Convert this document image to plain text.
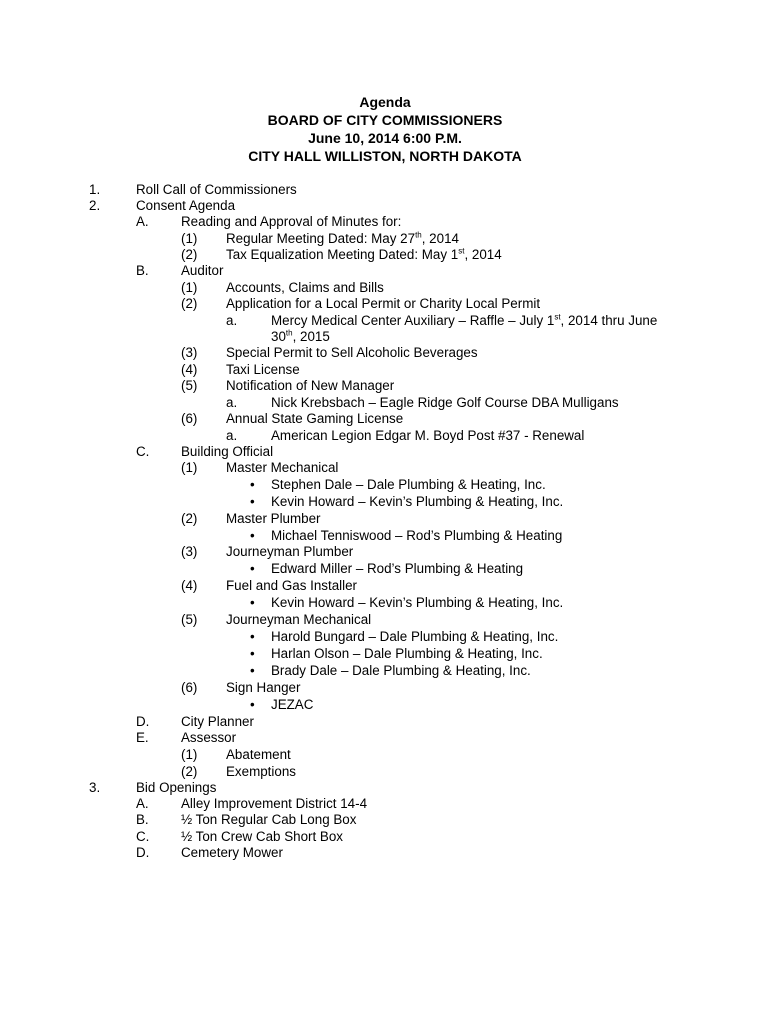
Agenda
BOARD OF CITY COMMISSIONERS
June 10, 2014 6:00 P.M.
CITY HALL WILLISTON, NORTH DAKOTA
1.	Roll Call of Commissioners
2.	Consent Agenda
A. Reading and Approval of Minutes for:
(1) Regular Meeting Dated: May 27th, 2014
(2) Tax Equalization Meeting Dated: May 1st, 2014
B. Auditor
(1) Accounts, Claims and Bills
(2) Application for a Local Permit or Charity Local Permit
a.	Mercy Medical Center Auxiliary – Raffle – July 1st, 2014 thru June
30th, 2015
(3) Special Permit to Sell Alcoholic Beverages
(4) Taxi License
(5) Notification of New Manager
a.	Nick Krebsbach – Eagle Ridge Golf Course DBA Mulligans
(6) Annual State Gaming License
a.	American Legion Edgar M. Boyd Post #37 - Renewal
C. Building Official
(1) Master Mechanical
• Stephen Dale – Dale Plumbing & Heating, Inc.
• Kevin Howard – Kevin’s Plumbing & Heating, Inc.
(2) Master Plumber
• Michael Tenniswood – Rod’s Plumbing & Heating
(3) Journeyman Plumber
• Edward Miller – Rod’s Plumbing & Heating
(4) Fuel and Gas Installer
• Kevin Howard – Kevin’s Plumbing & Heating, Inc.
(5) Journeyman Mechanical
• Harold Bungard – Dale Plumbing & Heating, Inc.
• Harlan Olson – Dale Plumbing & Heating, Inc.
• Brady Dale – Dale Plumbing & Heating, Inc.
(6) Sign Hanger
• JEZAC
D. City Planner
E. Assessor
(1) Abatement
(2) Exemptions
3.	Bid Openings
A. Alley Improvement District 14-4
B. ½ Ton Regular Cab Long Box
C. ½ Ton Crew Cab Short Box
D. Cemetery Mower
